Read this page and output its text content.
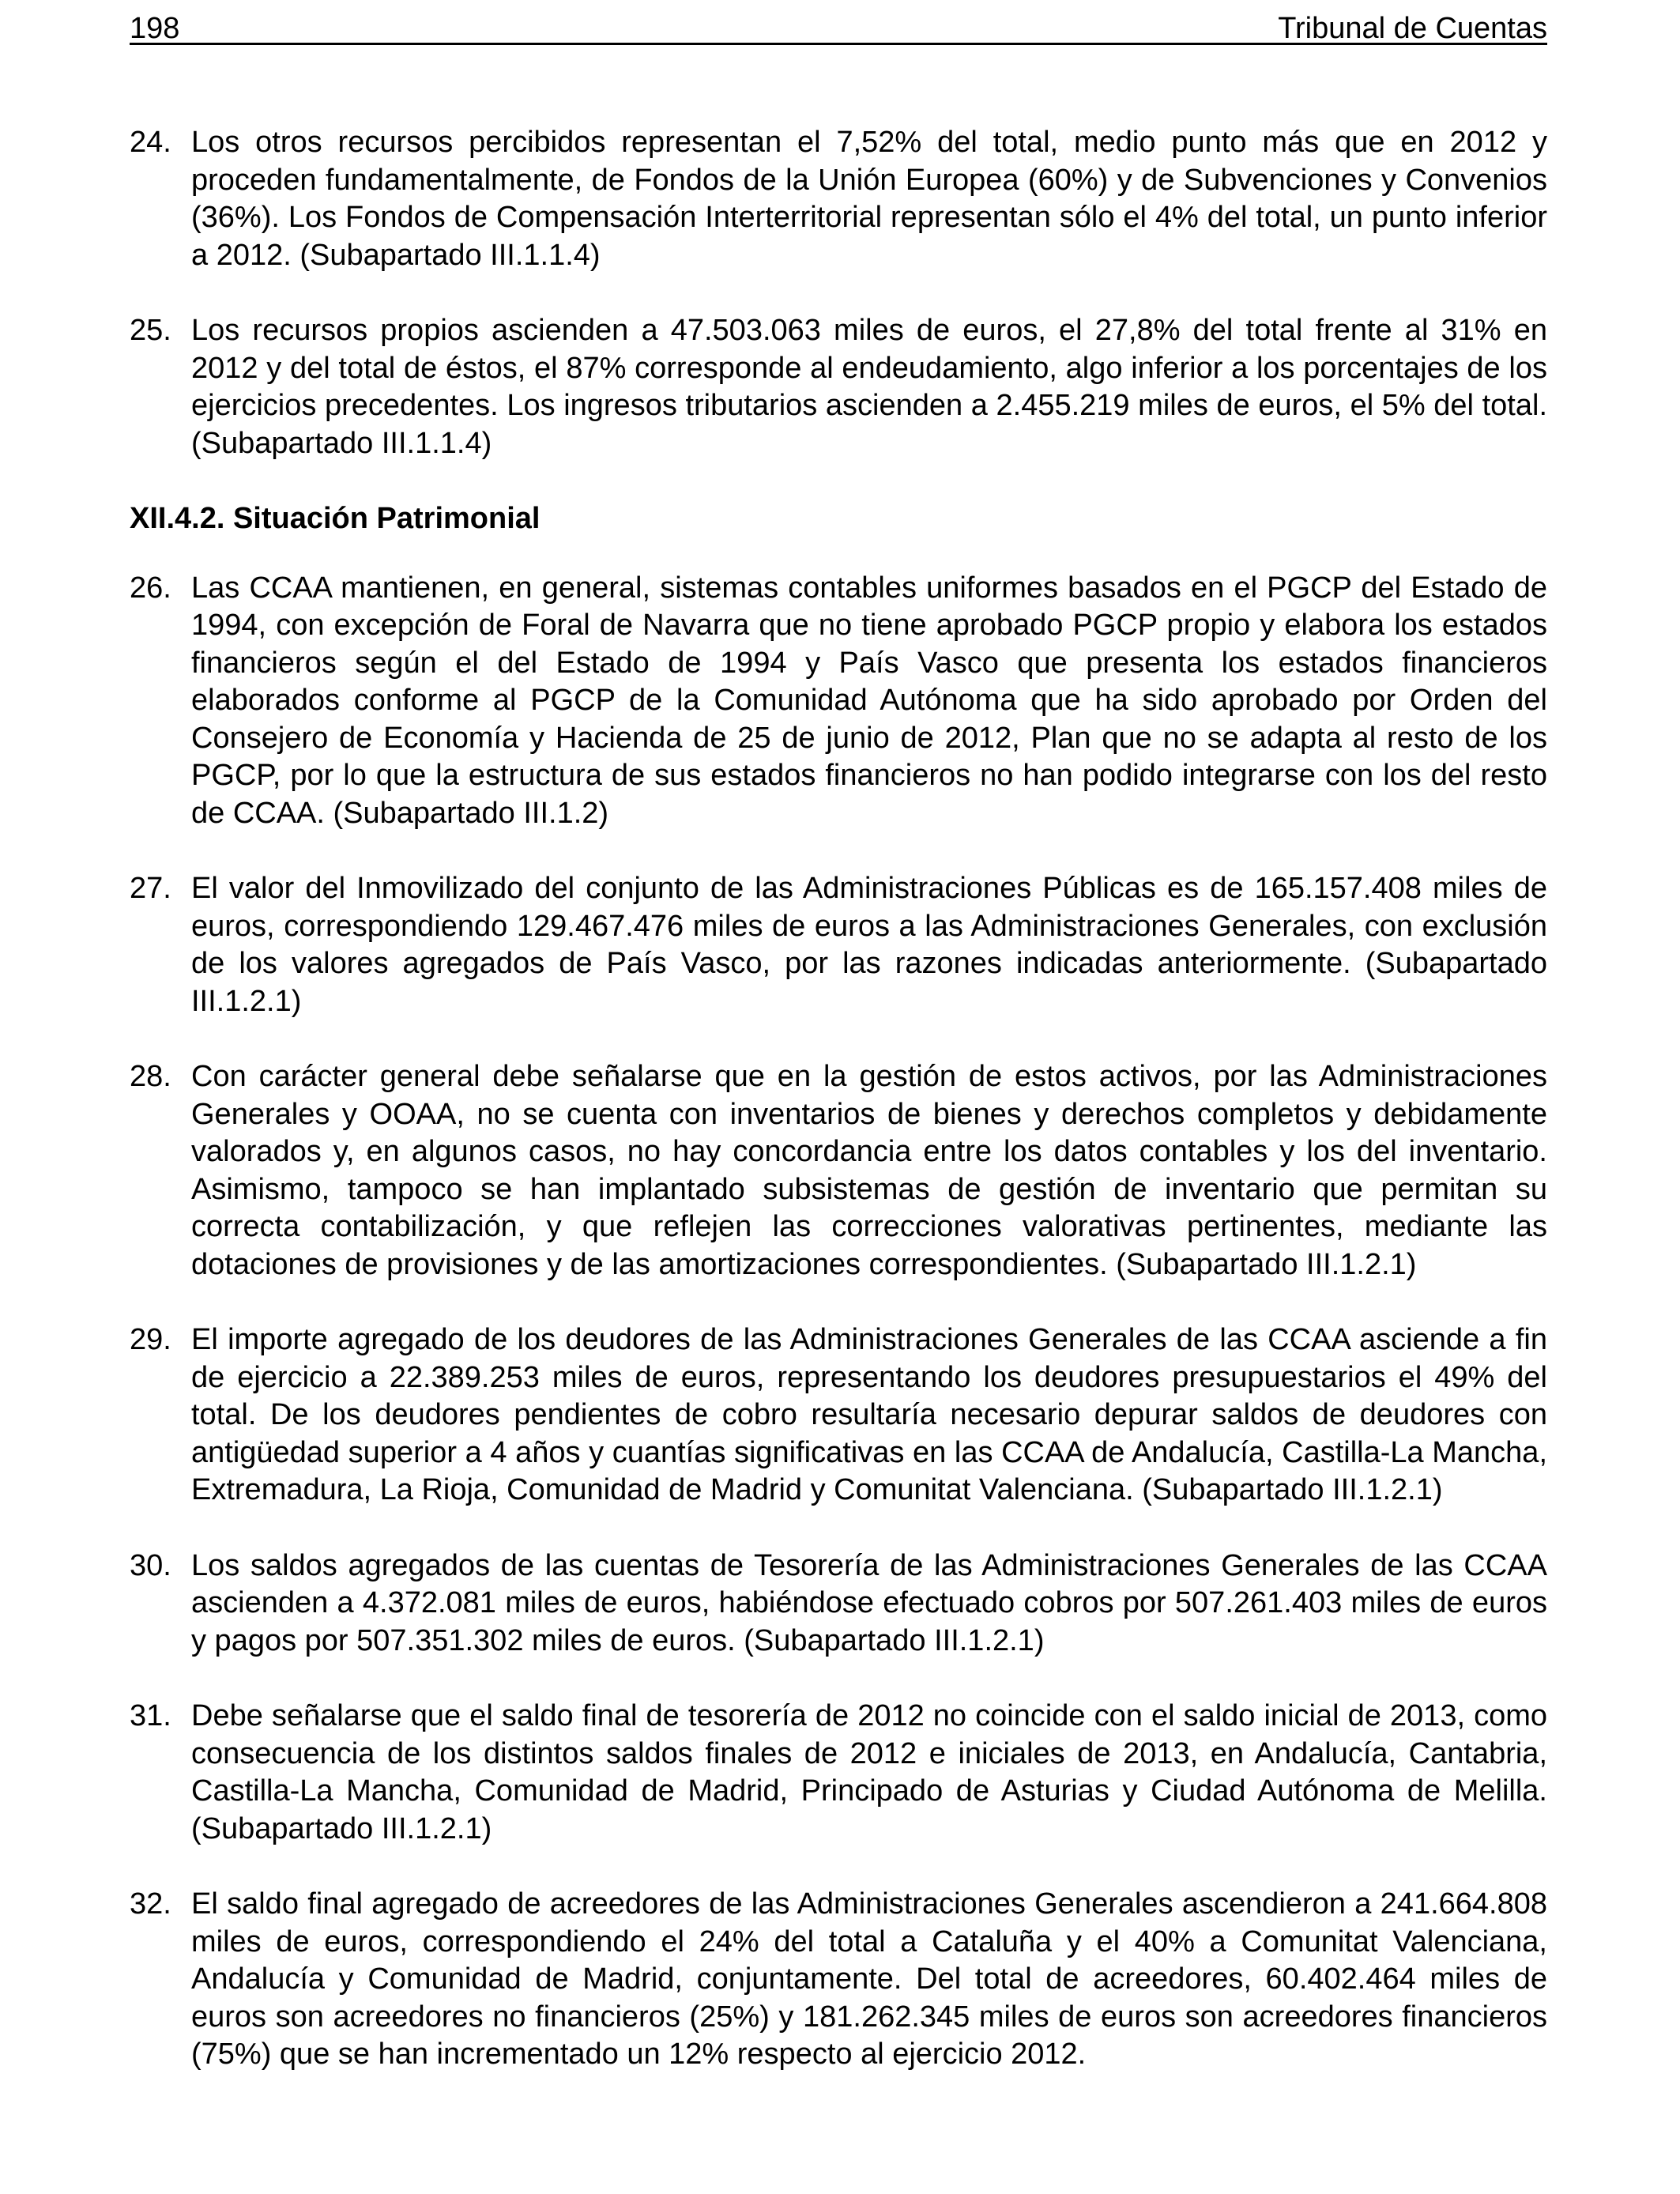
198	Tribunal de Cuentas
24. Los otros recursos percibidos representan el 7,52% del total, medio punto más que en 2012 y proceden fundamentalmente, de Fondos de la Unión Europea (60%) y de Subvenciones y Convenios (36%). Los Fondos de Compensación Interterritorial representan sólo el 4% del total, un punto inferior a 2012. (Subapartado III.1.1.4)
25. Los recursos propios ascienden a 47.503.063 miles de euros, el 27,8% del total frente al 31% en 2012 y del total de éstos, el 87% corresponde al endeudamiento, algo inferior a los porcentajes de los ejercicios precedentes. Los ingresos tributarios ascienden a 2.455.219 miles de euros, el 5% del total. (Subapartado III.1.1.4)
XII.4.2. Situación Patrimonial
26. Las CCAA mantienen, en general, sistemas contables uniformes basados en el PGCP del Estado de 1994, con excepción de Foral de Navarra que no tiene aprobado PGCP propio y elabora los estados financieros según el del Estado de 1994 y País Vasco que presenta los estados financieros elaborados conforme al PGCP de la Comunidad Autónoma que ha sido aprobado por Orden del Consejero de Economía y Hacienda de 25 de junio de 2012, Plan que no se adapta al resto de los PGCP, por lo que la estructura de sus estados financieros no han podido integrarse con los del resto de CCAA. (Subapartado III.1.2)
27. El valor del Inmovilizado del conjunto de las Administraciones Públicas es de 165.157.408 miles de euros, correspondiendo 129.467.476 miles de euros a las Administraciones Generales, con exclusión de los valores agregados de País Vasco, por las razones indicadas anteriormente. (Subapartado III.1.2.1)
28. Con carácter general debe señalarse que en la gestión de estos activos, por las Administraciones Generales y OOAA, no se cuenta con inventarios de bienes y derechos completos y debidamente valorados y, en algunos casos, no hay concordancia entre los datos contables y los del inventario. Asimismo, tampoco se han implantado subsistemas de gestión de inventario que permitan su correcta contabilización, y que reflejen las correcciones valorativas pertinentes, mediante las dotaciones de provisiones y de las amortizaciones correspondientes. (Subapartado III.1.2.1)
29. El importe agregado de los deudores de las Administraciones Generales de las CCAA asciende a fin de ejercicio a 22.389.253 miles de euros, representando los deudores presupuestarios el 49% del total. De los deudores pendientes de cobro resultaría necesario depurar saldos de deudores con antigüedad superior a 4 años y cuantías significativas en las CCAA de Andalucía, Castilla-La Mancha, Extremadura, La Rioja, Comunidad de Madrid y Comunitat Valenciana. (Subapartado III.1.2.1)
30. Los saldos agregados de las cuentas de Tesorería de las Administraciones Generales de las CCAA ascienden a 4.372.081 miles de euros, habiéndose efectuado cobros por 507.261.403 miles de euros y pagos por 507.351.302 miles de euros. (Subapartado III.1.2.1)
31. Debe señalarse que el saldo final de tesorería de 2012 no coincide con el saldo inicial de 2013, como consecuencia de los distintos saldos finales de 2012 e iniciales de 2013, en Andalucía, Cantabria, Castilla-La Mancha, Comunidad de Madrid, Principado de Asturias y Ciudad Autónoma de Melilla. (Subapartado III.1.2.1)
32. El saldo final agregado de acreedores de las Administraciones Generales ascendieron a 241.664.808 miles de euros, correspondiendo el 24% del total a Cataluña y el 40% a Comunitat Valenciana, Andalucía y Comunidad de Madrid, conjuntamente. Del total de acreedores, 60.402.464 miles de euros son acreedores no financieros (25%) y 181.262.345 miles de euros son acreedores financieros (75%) que se han incrementado un 12% respecto al ejercicio 2012.
